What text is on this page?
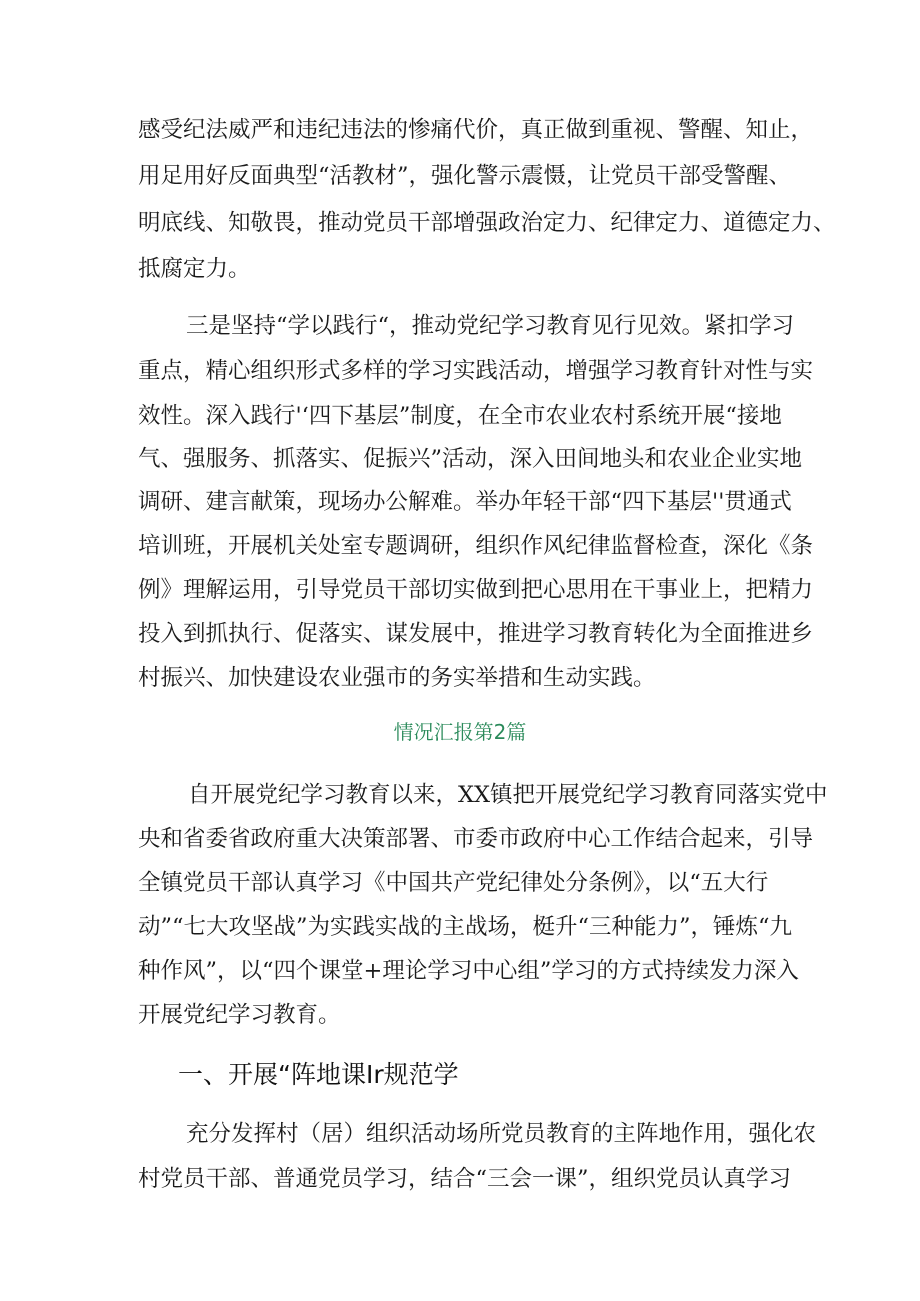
感受纪法威严和违纪违法的惨痛代价，真正做到重视、警醒、知止，
用足用好反面典型“活教材”，强化警示震慑，让党员干部受警醒、
明底线、知敬畏，推动党员干部增强政治定力、纪律定力、道德定力、
抵腐定力。
三是坚持“学以践行“，推动党纪学习教育见行见效。紧扣学习
重点，精心组织形式多样的学习实践活动，增强学习教育针对性与实
效性。深入践行'‘四下基层”制度，在全市农业农村系统开展“接地
气、强服务、抓落实、促振兴”活动，深入田间地头和农业企业实地
调研、建言献策，现场办公解难。举办年轻干部“四下基层''贯通式
培训班，开展机关处室专题调研，组织作风纪律监督检查，深化《条
例》理解运用，引导党员干部切实做到把心思用在干事业上，把精力
投入到抓执行、促落实、谋发展中，推进学习教育转化为全面推进乡
村振兴、加快建设农业强市的务实举措和生动实践。
情况汇报第2篇
自开展党纪学习教育以来，XX镇把开展党纪学习教育同落实党中
央和省委省政府重大决策部署、市委市政府中心工作结合起来，引导
全镇党员干部认真学习《中国共产党纪律处分条例》，以“五大行
动”“七大攻坚战”为实践实战的主战场，梃升“三种能力”，锤炼“九
种作风”，以“四个课堂+理论学习中心组”学习的方式持续发力深入
开展党纪学习教育。
一、开展“阵地课Ir规范学
充分发挥村（居）组织活动场所党员教育的主阵地作用，强化农
村党员干部、普通党员学习，结合“三会一课”，组织党员认真学习
